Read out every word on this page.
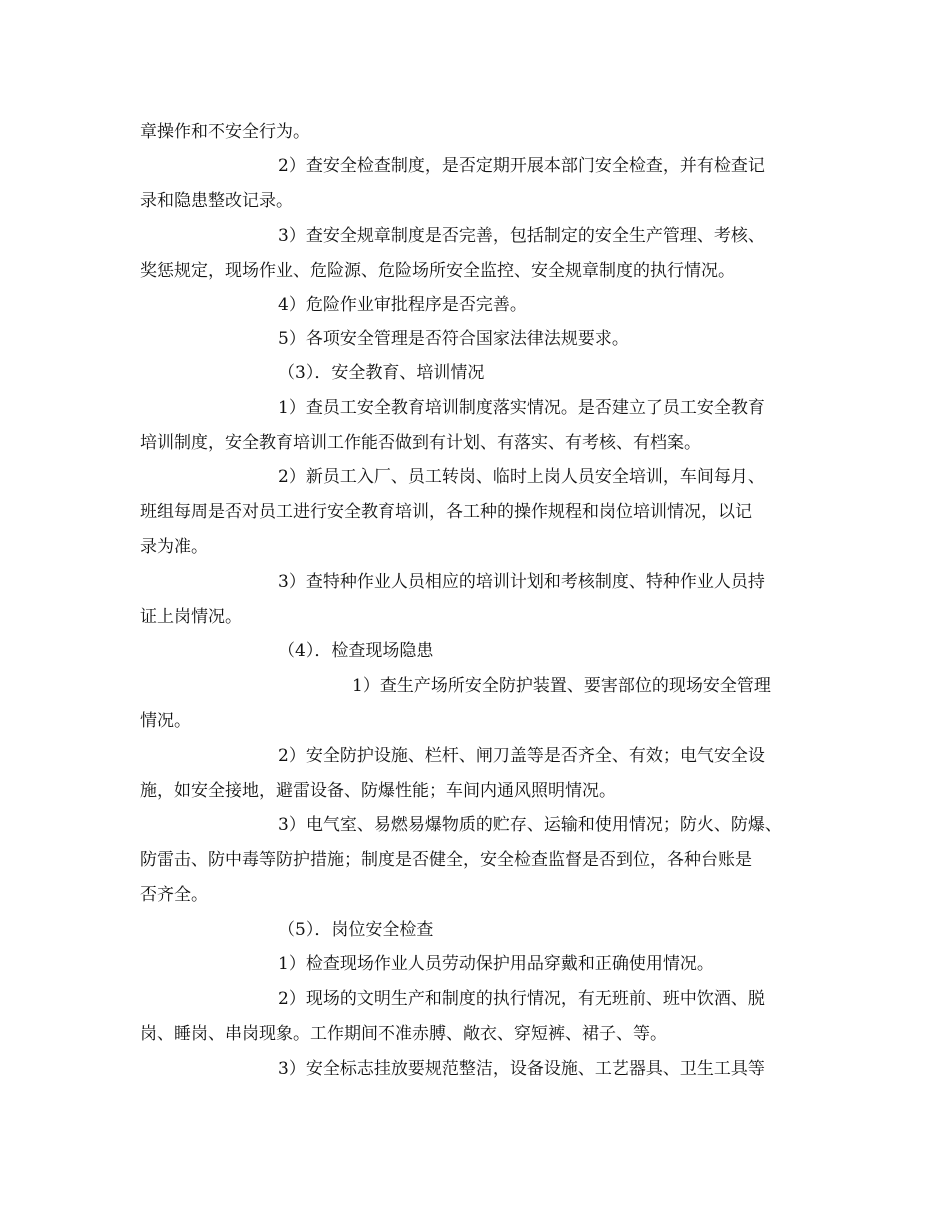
章操作和不安全行为。
2）查安全检查制度，是否定期开展本部门安全检查，并有检查记
录和隐患整改记录。
3）查安全规章制度是否完善，包括制定的安全生产管理、考核、
奖惩规定，现场作业、危险源、危险场所安全监控、安全规章制度的执行情况。
4）危险作业审批程序是否完善。
5）各项安全管理是否符合国家法律法规要求。
（3）．安全教育、培训情况
1）查员工安全教育培训制度落实情况。是否建立了员工安全教育
培训制度，安全教育培训工作能否做到有计划、有落实、有考核、有档案。
2）新员工入厂、员工转岗、临时上岗人员安全培训，车间每月、
班组每周是否对员工进行安全教育培训，各工种的操作规程和岗位培训情况，以记
录为准。
3）查特种作业人员相应的培训计划和考核制度、特种作业人员持
证上岗情况。
（4）．检查现场隐患
1）查生产场所安全防护装置、要害部位的现场安全管理
情况。
2）安全防护设施、栏杆、闸刀盖等是否齐全、有效；电气安全设
施，如安全接地，避雷设备、防爆性能；车间内通风照明情况。
3）电气室、易燃易爆物质的贮存、运输和使用情况；防火、防爆、
防雷击、防中毒等防护措施；制度是否健全，安全检查监督是否到位，各种台账是
否齐全。
（5）．岗位安全检查
1）检查现场作业人员劳动保护用品穿戴和正确使用情况。
2）现场的文明生产和制度的执行情况，有无班前、班中饮酒、脱
岗、睡岗、串岗现象。工作期间不准赤膊、敞衣、穿短裤、裙子、等。
3）安全标志挂放要规范整洁，设备设施、工艺器具、卫生工具等
